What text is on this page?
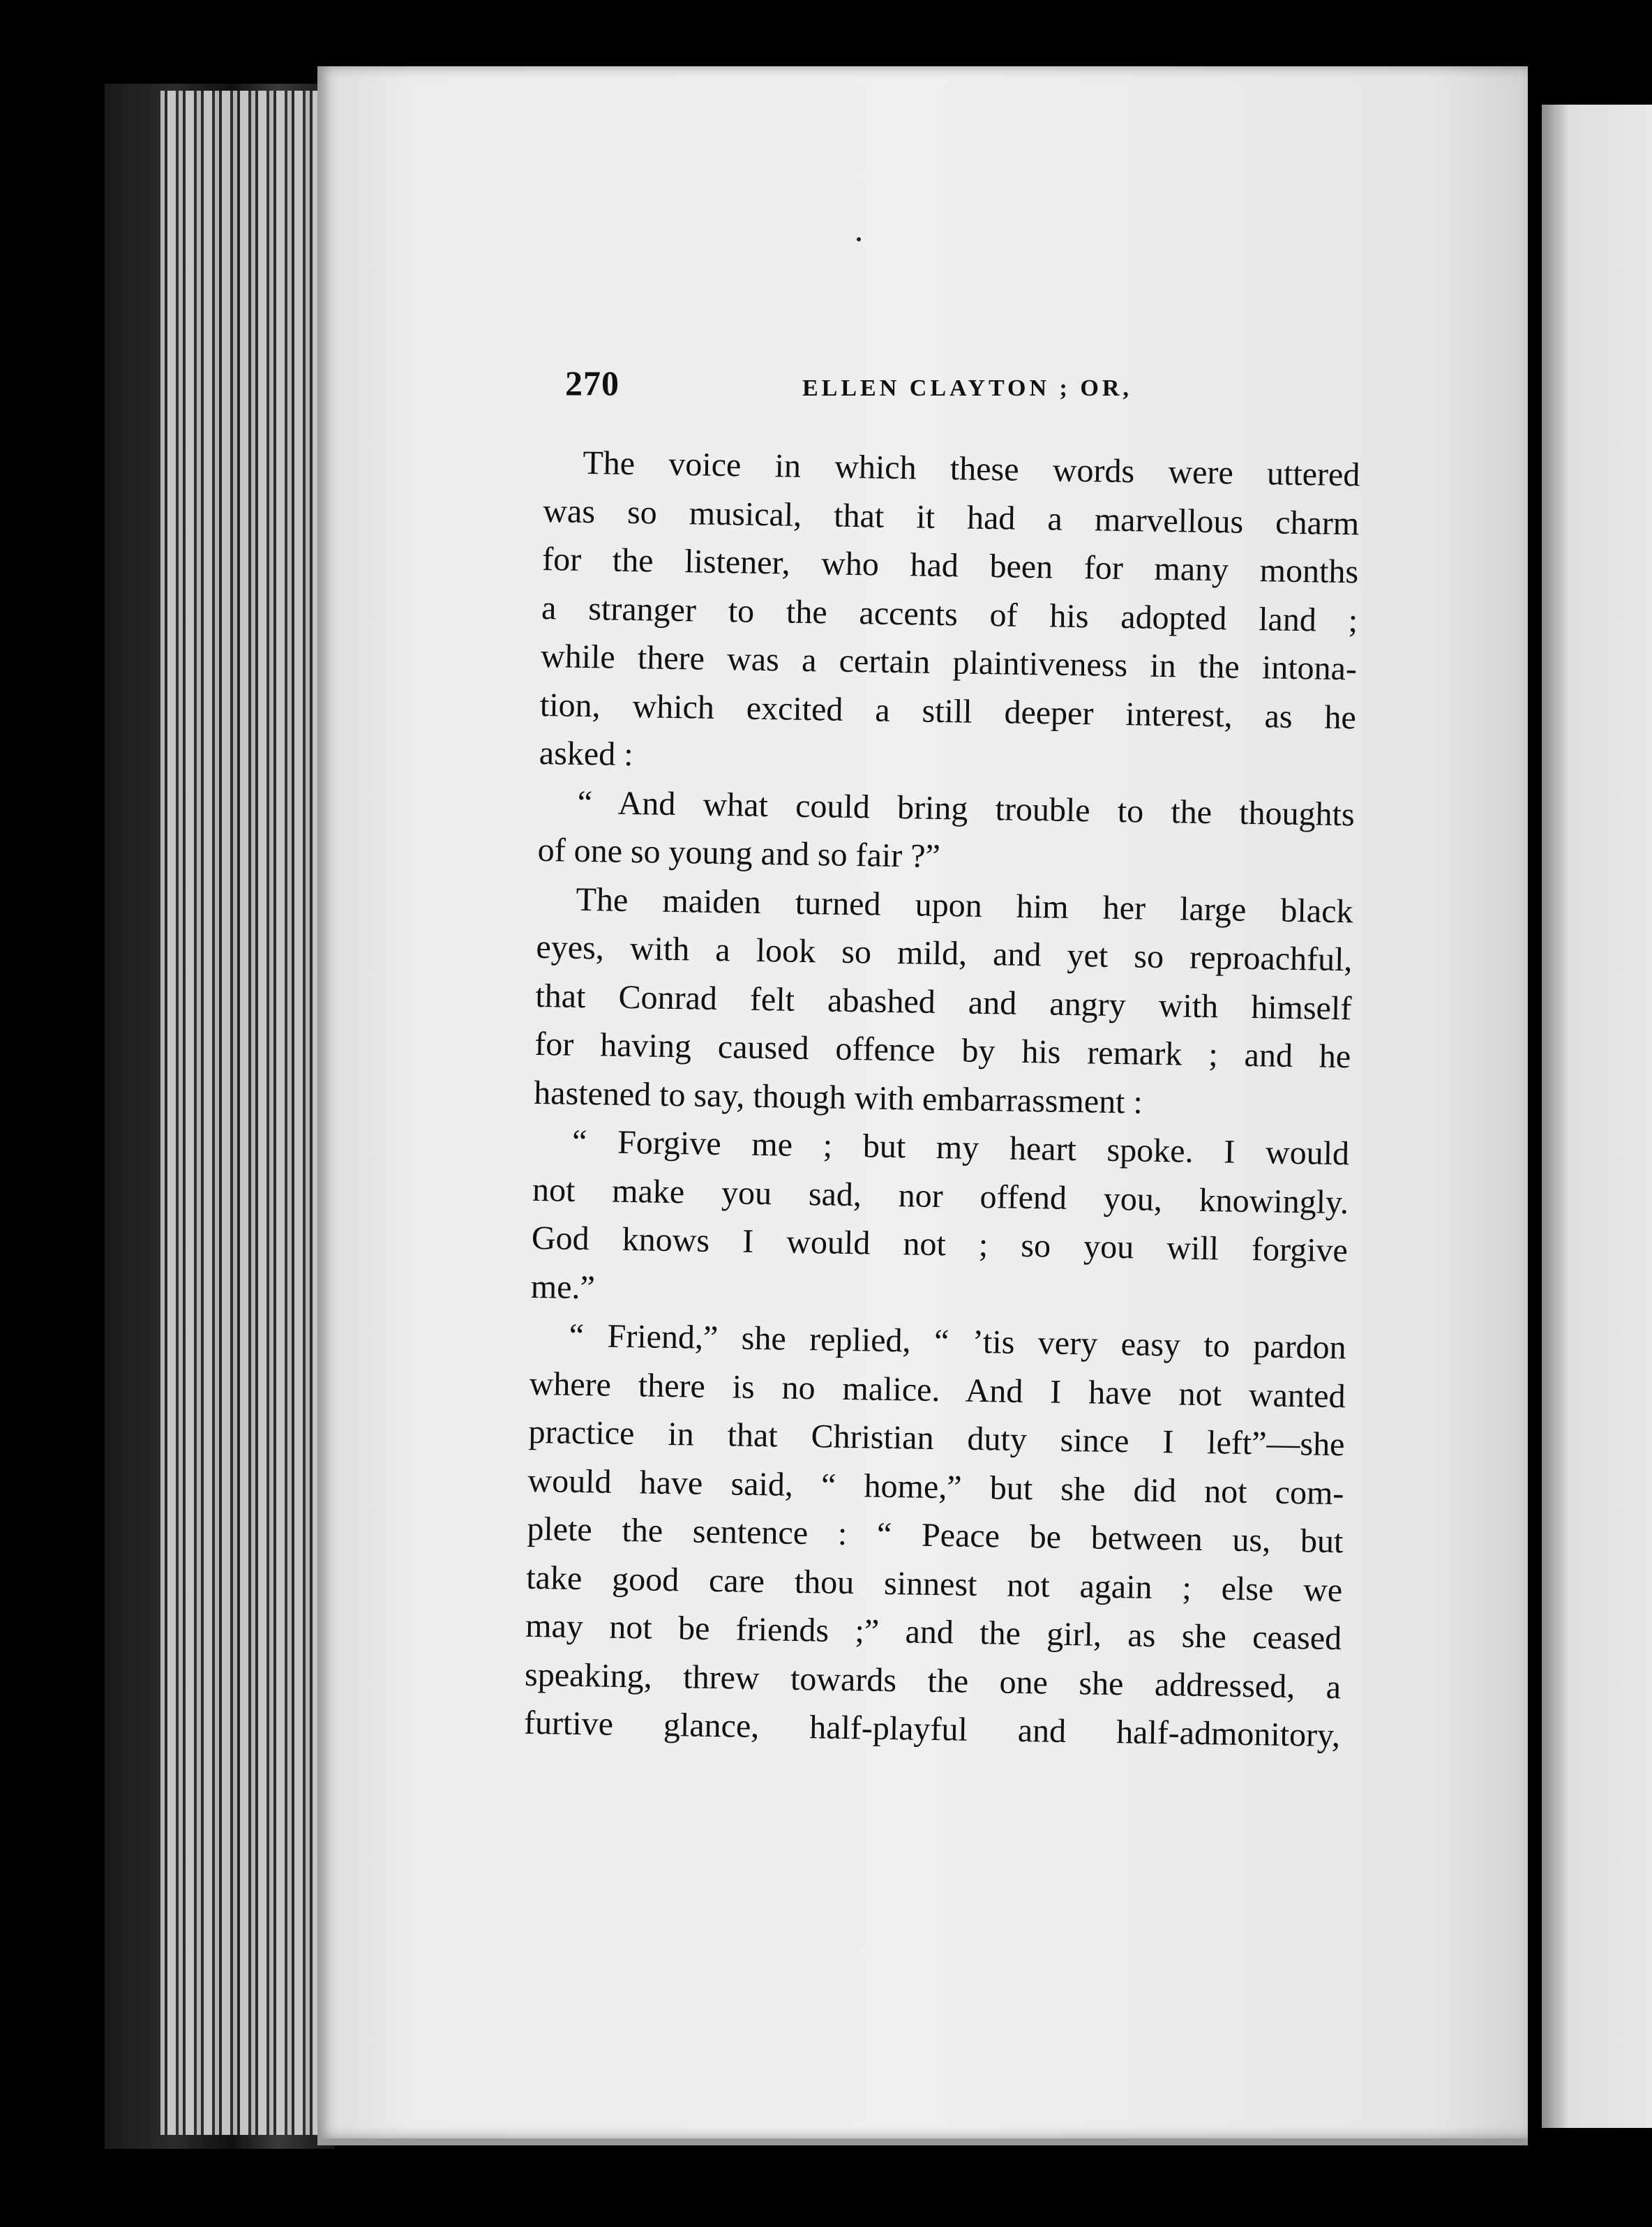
270	ELLEN CLAYTON ; OR,
The voice in which these words were uttered
was so musical, that it had a marvellous charm
for the listener, who had been for many months
a stranger to the accents of his adopted land ;
while there was a certain plaintiveness in the intona-
tion, which excited a still deeper interest, as he
asked :
“ And what could bring trouble to the thoughts
of one so young and so fair ?”
The maiden turned upon him her large black
eyes, with a look so mild, and yet so reproachful,
that Conrad felt abashed and angry with himself
for having caused offence by his remark ; and he
hastened to say, though with embarrassment :
“ Forgive me ; but my heart spoke. I would
not make you sad, nor offend you, knowingly.
God knows I would not ; so you will forgive
me.”
“ Friend,” she replied, “ ’tis very easy to pardon
where there is no malice. And I have not wanted
practice in that Christian duty since I left”—she
would have said, “ home,” but she did not com-
plete the sentence : “ Peace be between us, but
take good care thou sinnest not again ; else we
may not be friends ;” and the girl, as she ceased
speaking, threw towards the one she addressed, a
furtive glance, half-playful and half-admonitory,
